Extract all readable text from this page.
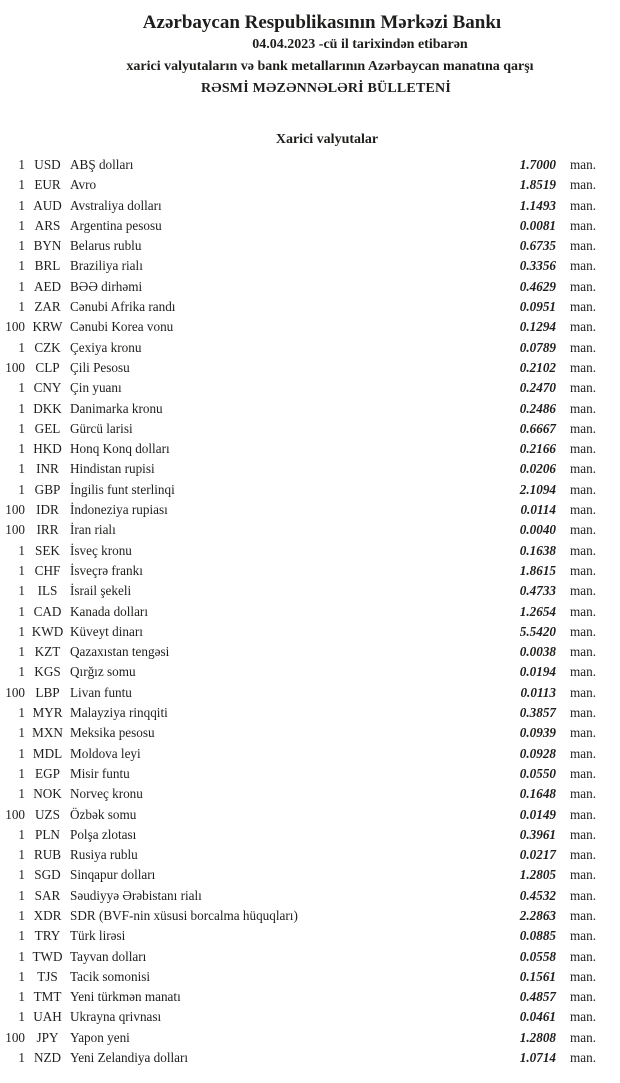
Azərbaycan Respublikasının Mərkəzi Bankı
04.04.2023 -cü il tarixindən etibarən
xarici valyutaların və bank metallarının Azərbaycan manatına qarşı
RƏSMİ MƏZƏNNƏLƏRİ BÜLLETENİ
Xarici valyutalar
1 USD ABŞ dolları	1.7000	man.
1 EUR Avro	1.8519	man.
1 AUD Avstraliya dolları	1.1493	man.
1 ARS Argentina pesosu	0.0081	man.
1 BYN Belarus rublu	0.6735	man.
1 BRL Braziliya rialı	0.3356	man.
1 AED BƏƏ dirhəmi	0.4629	man.
1 ZAR Cənubi Afrika randı	0.0951	man.
100 KRW Cənubi Korea vonu	0.1294	man.
1 CZK Çexiya kronu	0.0789	man.
100 CLP Çili Pesosu	0.2102	man.
1 CNY Çin yuanı	0.2470	man.
1 DKK Danimarka kronu	0.2486	man.
1 GEL Gürcü larisi	0.6667	man.
1 HKD Honq Konq dolları	0.2166	man.
1 INR Hindistan rupisi	0.0206	man.
1 GBP İngilis funt sterlinqi	2.1094	man.
100 IDR İndoneziya rupiası	0.0114	man.
100 IRR İran rialı	0.0040	man.
1 SEK İsveç kronu	0.1638	man.
1 CHF İsveçrə frankı	1.8615	man.
1 ILS İsrail şekeli	0.4733	man.
1 CAD Kanada dolları	1.2654	man.
1 KWD Küveyt dinarı	5.5420	man.
1 KZT Qazaxıstan tengəsi	0.0038	man.
1 KGS Qırğız somu	0.0194	man.
100 LBP Livan funtu	0.0113	man.
1 MYR Malayziya rinqqiti	0.3857	man.
1 MXN Meksika pesosu	0.0939	man.
1 MDL Moldova leyi	0.0928	man.
1 EGP Misir funtu	0.0550	man.
1 NOK Norveç kronu	0.1648	man.
100 UZS Özbək somu	0.0149	man.
1 PLN Polşa zlotası	0.3961	man.
1 RUB Rusiya rublu	0.0217	man.
1 SGD Sinqapur dolları	1.2805	man.
1 SAR Səudiyyə Ərəbistanı rialı	0.4532	man.
1 XDR SDR (BVF-nin xüsusi borcalma hüquqları)	2.2863	man.
1 TRY Türk lirəsi	0.0885	man.
1 TWD Tayvan dolları	0.0558	man.
1 TJS Tacik somonisi	0.1561	man.
1 TMT Yeni türkmən manatı	0.4857	man.
1 UAH Ukrayna qrivnası	0.0461	man.
100 JPY Yapon yeni	1.2808	man.
1 NZD Yeni Zelandiya dolları	1.0714	man.
